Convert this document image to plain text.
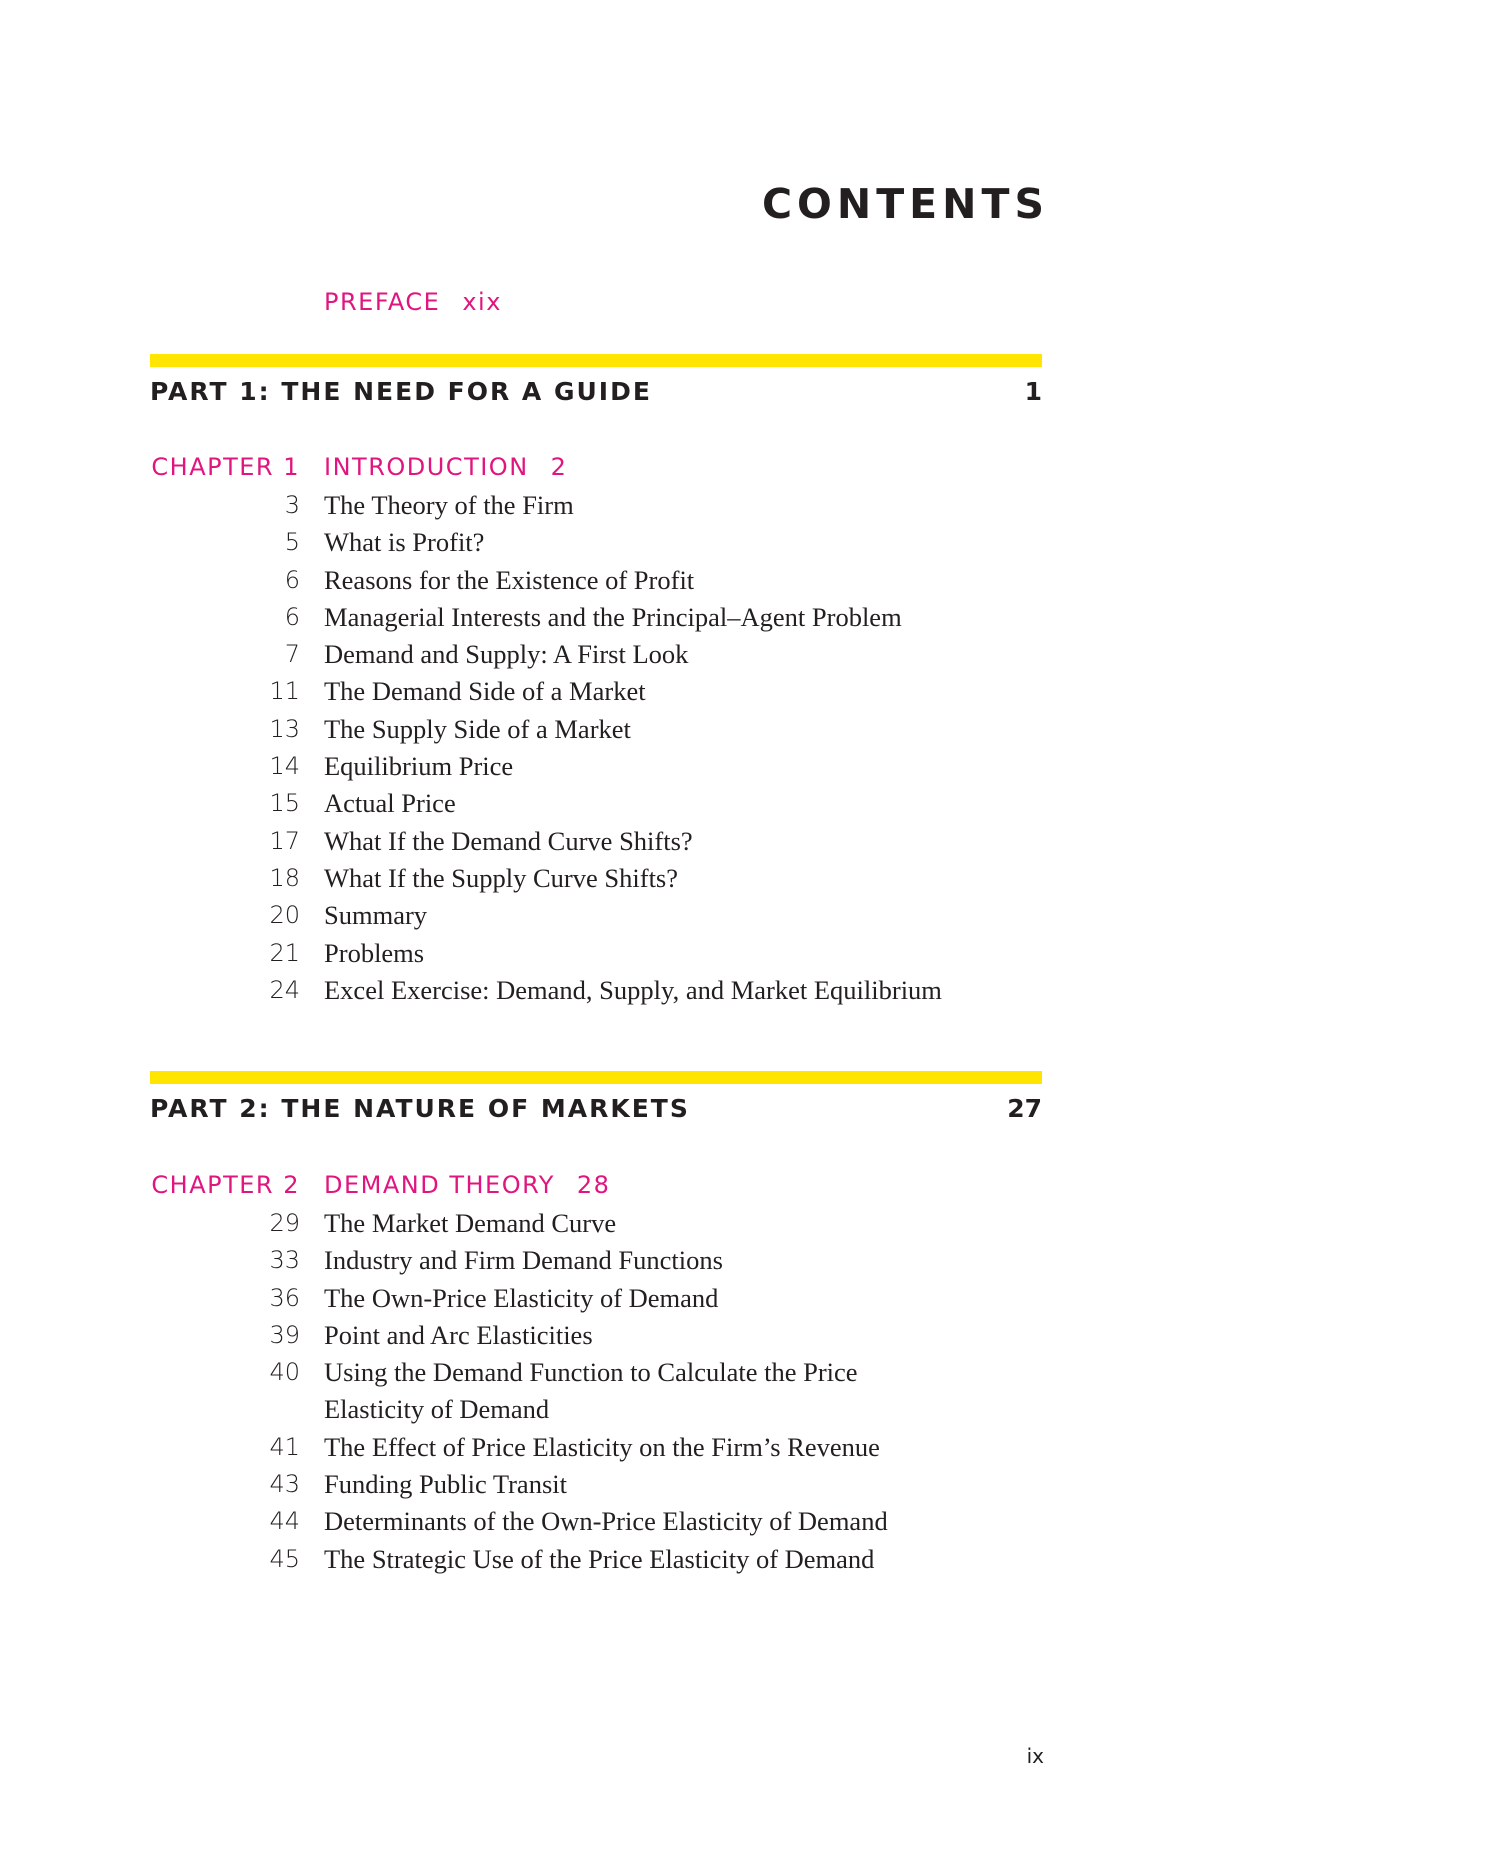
CONTENTS
PREFACE xix
PART 1: THE NEED FOR A GUIDE	1
CHAPTER 1 INTRODUCTION 2
3 The Theory of the Firm
5 What is Profit?
6 Reasons for the Existence of Profit
6 Managerial Interests and the Principal–Agent Problem
7 Demand and Supply: A First Look
11 The Demand Side of a Market
13 The Supply Side of a Market
14 Equilibrium Price
15 Actual Price
17 What If the Demand Curve Shifts?
18 What If the Supply Curve Shifts?
20 Summary
21 Problems
24 Excel Exercise: Demand, Supply, and Market Equilibrium
PART 2: THE NATURE OF MARKETS	27
CHAPTER 2 DEMAND THEORY 28
29 The Market Demand Curve
33 Industry and Firm Demand Functions
36 The Own-Price Elasticity of Demand
39 Point and Arc Elasticities
40 Using the Demand Function to Calculate the Price Elasticity of Demand
41 The Effect of Price Elasticity on the Firm’s Revenue
43 Funding Public Transit
44 Determinants of the Own-Price Elasticity of Demand
45 The Strategic Use of the Price Elasticity of Demand
ix
